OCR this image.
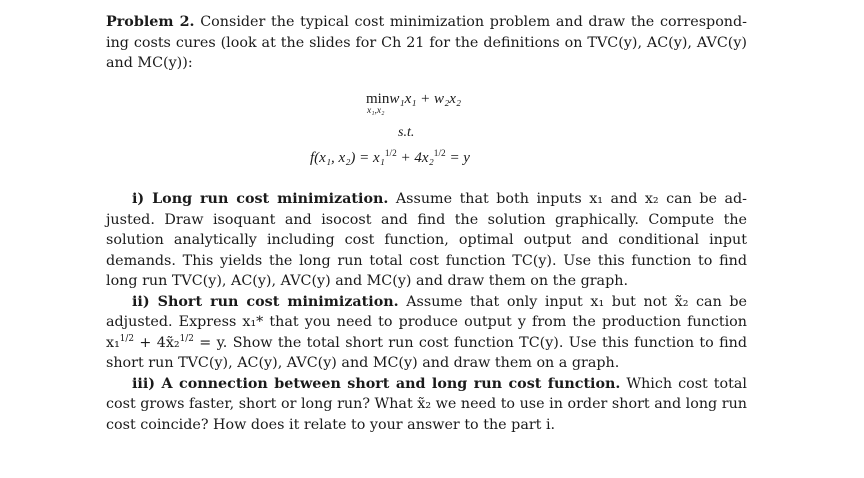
Problem 2. Consider the typical cost minimization problem and draw the correspond-ing costs cures (look at the slides for Ch 21 for the definitions on TVC(y), AC(y), AVC(y) and MC(y)):
minw₁x₁ + w₂x₂
x₁,x₂
s.t.
f(x₁, x₂) = x₁$^{1/2}$ + 4x₂$^{1/2}$ = y
i) Long run cost minimization. Assume that both inputs x₁ and x₂ can be ad-justed. Draw isoquant and isocost and find the solution graphically. Compute the solution analytically including cost function, optimal output and conditional input demands. This yields the long run total cost function TC(y). Use this function to find long run TVC(y), AC(y), AVC(y) and MC(y) and draw them on the graph.
ii) Short run cost minimization. Assume that only input x₁ but not x̃₂ can be adjusted. Express x₁* that you need to produce output y from the production function x₁$^{1/2}$ + 4x̃₂$^{1/2}$ = y. Show the total short run cost function TC(y). Use this function to find short run TVC(y), AC(y), AVC(y) and MC(y) and draw them on a graph.
iii) A connection between short and long run cost function. Which cost total cost grows faster, short or long run? What x̃₂ we need to use in order short and long run cost coincide? How does it relate to your answer to the part i.
